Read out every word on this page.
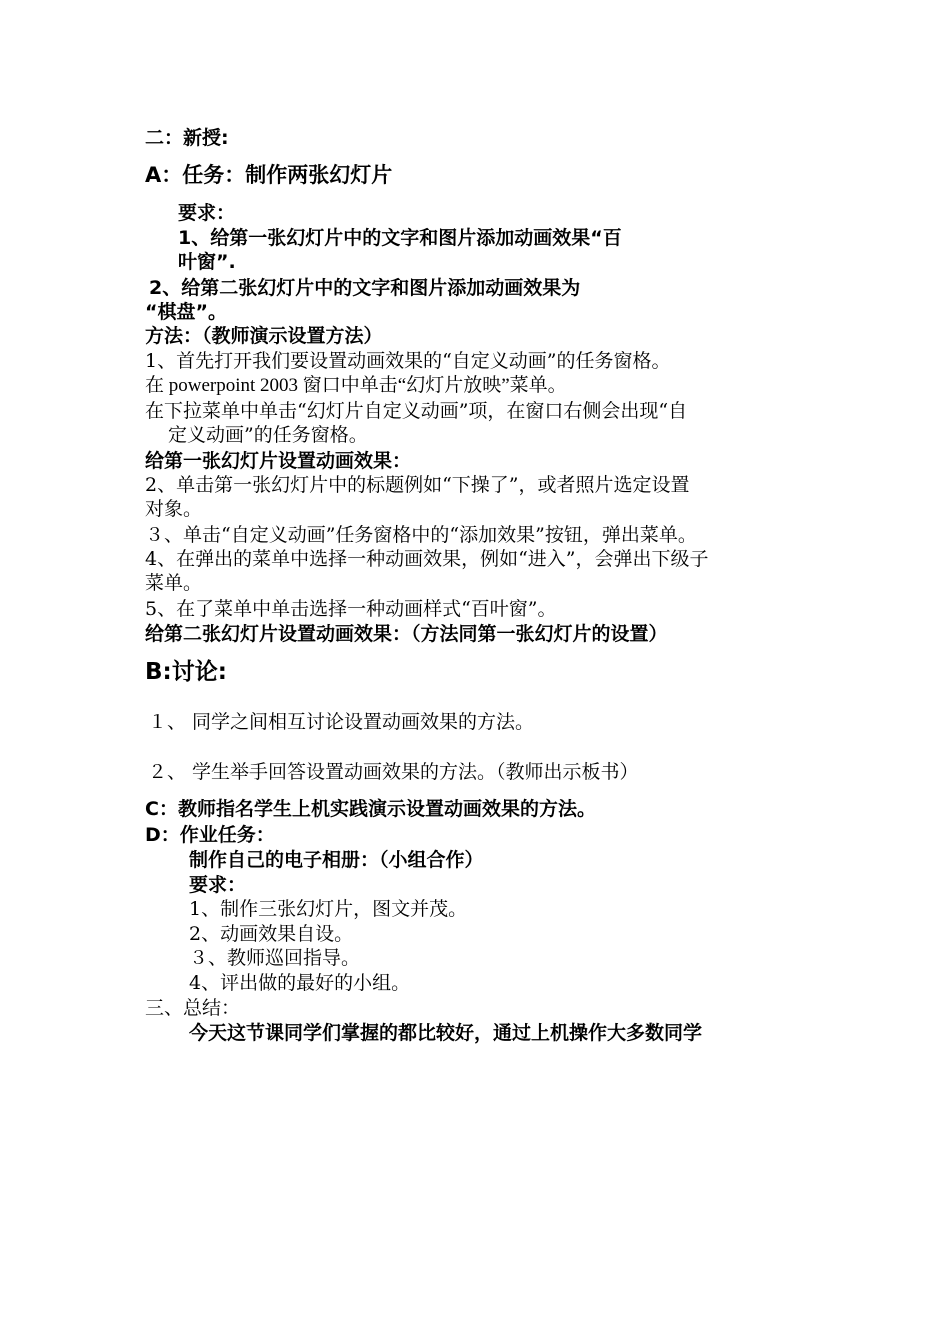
二：新授:
A：任务：制作两张幻灯片
要求：
1、给第一张幻灯片中的文字和图片添加动画效果“百
叶窗”.
2、给第二张幻灯片中的文字和图片添加动画效果为
“棋盘”。
方法：（教师演示设置方法）
1、首先打开我们要设置动画效果的“自定义动画”的任务窗格。
在 powerpoint 2003 窗口中单击“幻灯片放映”菜单。
在下拉菜单中单击“幻灯片自定义动画”项，在窗口右侧会出现“自
定义动画”的任务窗格。
给第一张幻灯片设置动画效果：
2、单击第一张幻灯片中的标题例如“下操了”，或者照片选定设置
对象。
３、单击“自定义动画”任务窗格中的“添加效果”按钮，弹出菜单。
4、在弹出的菜单中选择一种动画效果，例如“进入”，会弹出下级子
菜单。
5、在了菜单中单击选择一种动画样式“百叶窗”。
给第二张幻灯片设置动画效果：（方法同第一张幻灯片的设置）
B:讨论:
１、 同学之间相互讨论设置动画效果的方法。
２、 学生举手回答设置动画效果的方法。（教师出示板书）
C：教师指名学生上机实践演示设置动画效果的方法。
D：作业任务：
制作自己的电子相册：（小组合作）
要求：
1、制作三张幻灯片，图文并茂。
2、动画效果自设。
３、教师巡回指导。
4、评出做的最好的小组。
三、总结：
今天这节课同学们掌握的都比较好，通过上机操作大多数同学
